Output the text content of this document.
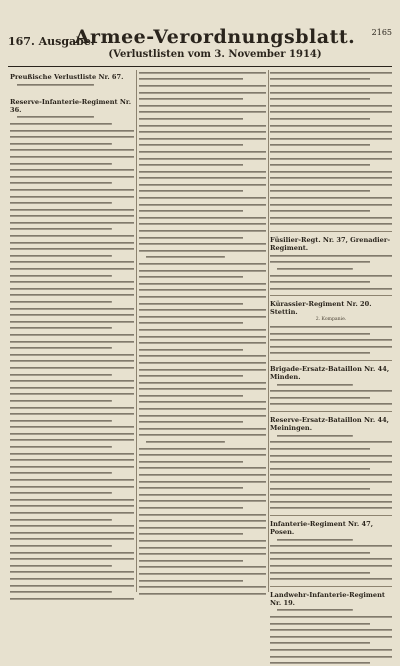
167. Ausgabe.
Armee-Verordnungsblatt.
(Verlustlisten vom 3. November 1914)
2165
Preußische Verlustliste Nr. 67.
Reserve-Infanterie-Regiment Nr. 36.
Füsilier-Regt. Nr. 37, Grenadier-Regiment.
Kürassier-Regiment Nr. 20. Stettin.
2. Kompanie.
Brigade-Ersatz-Bataillon Nr. 44, Minden.
Reserve-Ersatz-Bataillon Nr. 44, Meiningen.
Infanterie-Regiment Nr. 47, Posen.
Landwehr-Infanterie-Regiment Nr. 19.
